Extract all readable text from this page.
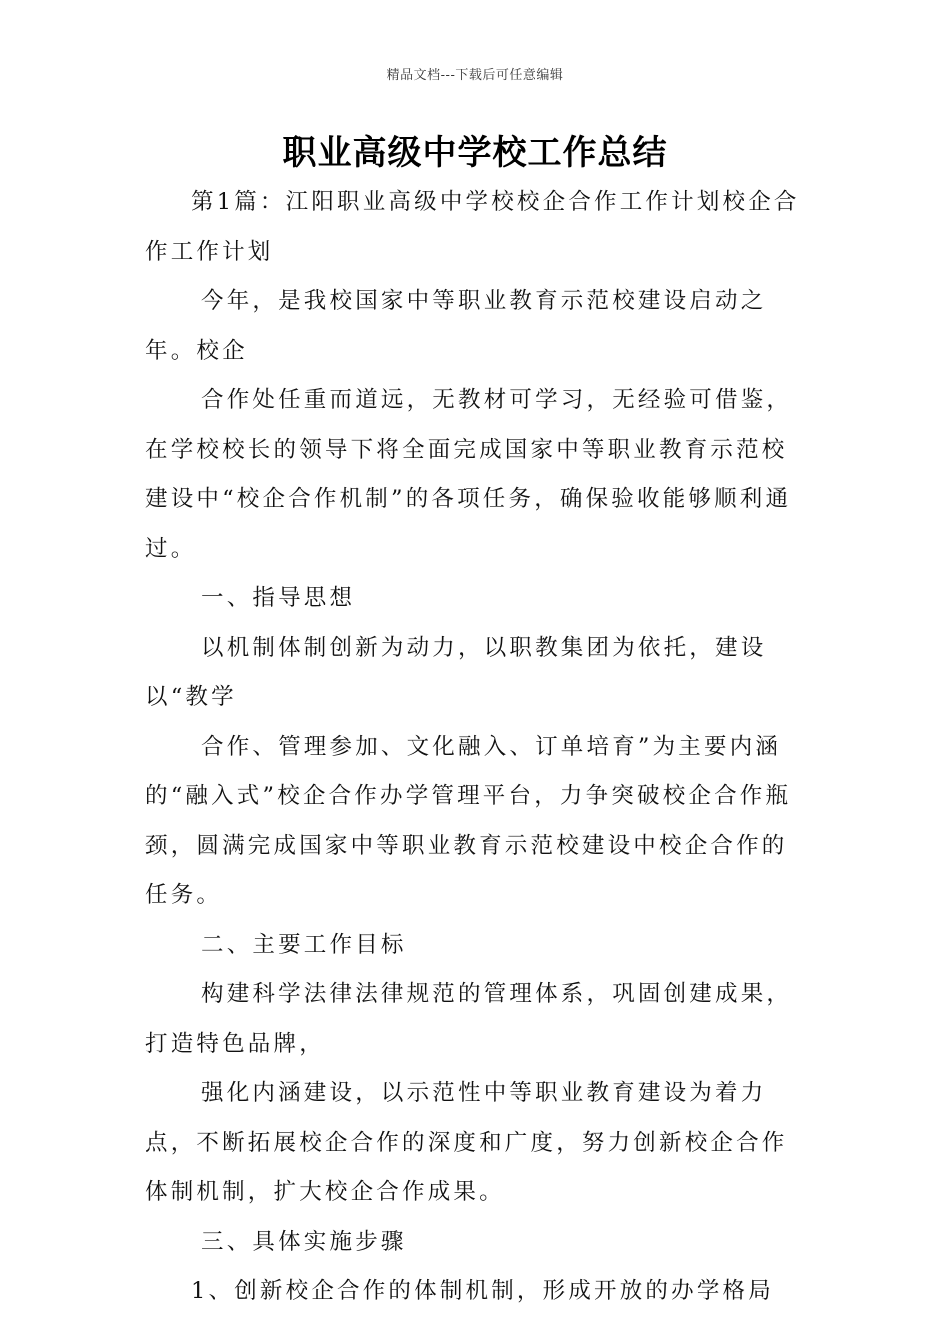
精品文档---下载后可任意编辑
职业高级中学校工作总结

第1篇：江阳职业高级中学校校企合作工作计划校企合作工作计划

今年，是我校国家中等职业教育示范校建设启动之年。校企

合作处任重而道远，无教材可学习，无经验可借鉴，在学校校长的领导下将全面完成国家中等职业教育示范校建设中“校企合作机制”的各项任务，确保验收能够顺利通过。

一、指导思想

以机制体制创新为动力，以职教集团为依托，建设以“教学

合作、管理参加、文化融入、订单培育”为主要内涵的“融入式”校企合作办学管理平台，力争突破校企合作瓶颈，圆满完成国家中等职业教育示范校建设中校企合作的任务。

二、主要工作目标

构建科学法律法律规范的管理体系，巩固创建成果，打造特色品牌，

强化内涵建设，以示范性中等职业教育建设为着力点，不断拓展校企合作的深度和广度，努力创新校企合作体制机制，扩大校企合作成果。

三、具体实施步骤

1、创新校企合作的体制机制，形成开放的办学格局
